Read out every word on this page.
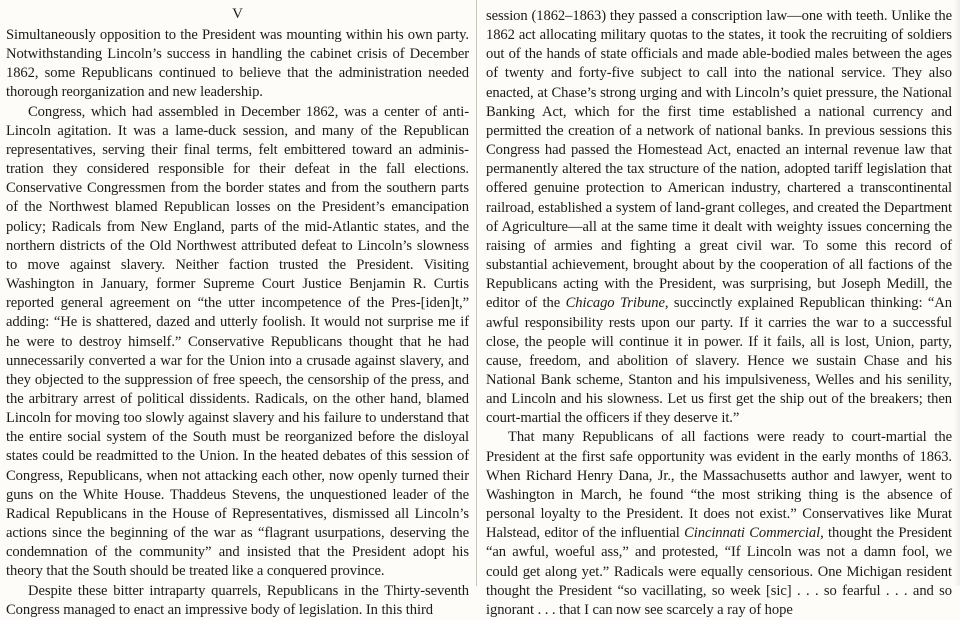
V

Simultaneously opposition to the President was mounting within his own party. Notwithstanding Lincoln’s success in handling the cabinet crisis of December 1862, some Republicans continued to believe that the administration needed thorough reorganization and new leadership.

Congress, which had assembled in December 1862, was a center of anti-Lincoln agitation. It was a lame-duck session, and many of the Republican representatives, serving their final terms, felt embittered toward an administration they considered responsible for their defeat in the fall elections. Conservative Congressmen from the border states and from the southern parts of the Northwest blamed Republican losses on the President’s emancipation policy; Radicals from New England, parts of the mid-Atlantic states, and the northern districts of the Old Northwest attributed defeat to Lincoln’s slowness to move against slavery. Neither faction trusted the President. Visiting Washington in January, former Supreme Court Justice Benjamin R. Curtis reported general agreement on “the utter incompetence of the Pres-[iden]t,” adding: “He is shattered, dazed and utterly foolish. It would not surprise me if he were to destroy himself.” Conservative Republicans thought that he had unnecessarily converted a war for the Union into a crusade against slavery, and they objected to the suppression of free speech, the censorship of the press, and the arbitrary arrest of political dissidents. Radicals, on the other hand, blamed Lincoln for moving too slowly against slavery and his failure to understand that the entire social system of the South must be reorganized before the disloyal states could be readmitted to the Union. In the heated debates of this session of Congress, Republicans, when not attacking each other, now openly turned their guns on the White House. Thaddeus Stevens, the unquestioned leader of the Radical Republicans in the House of Representatives, dismissed all Lincoln’s actions since the beginning of the war as “flagrant usurpations, deserving the condemnation of the community” and insisted that the President adopt his theory that the South should be treated like a conquered province.

Despite these bitter intraparty quarrels, Republicans in the Thirty-seventh Congress managed to enact an impressive body of legislation. In this third

session (1862–1863) they passed a conscription law—one with teeth. Unlike the 1862 act allocating military quotas to the states, it took the recruiting of soldiers out of the hands of state officials and made able-bodied males between the ages of twenty and forty-five subject to call into the national service. They also enacted, at Chase’s strong urging and with Lincoln’s quiet pressure, the National Banking Act, which for the first time established a national currency and permitted the creation of a network of national banks. In previous sessions this Congress had passed the Homestead Act, enacted an internal revenue law that permanently altered the tax structure of the nation, adopted tariff legislation that offered genuine protection to American industry, chartered a transcontinental railroad, established a system of land-grant colleges, and created the Department of Agriculture—all at the same time it dealt with weighty issues concerning the raising of armies and fighting a great civil war. To some this record of substantial achievement, brought about by the cooperation of all factions of the Republicans acting with the President, was surprising, but Joseph Medill, the editor of the Chicago Tribune, succinctly explained Republican thinking: “An awful responsibility rests upon our party. If it carries the war to a successful close, the people will continue it in power. If it fails, all is lost, Union, party, cause, freedom, and abolition of slavery. Hence we sustain Chase and his National Bank scheme, Stanton and his impulsiveness, Welles and his senility, and Lincoln and his slowness. Let us first get the ship out of the breakers; then court-martial the officers if they deserve it.”

That many Republicans of all factions were ready to court-martial the President at the first safe opportunity was evident in the early months of 1863. When Richard Henry Dana, Jr., the Massachusetts author and lawyer, went to Washington in March, he found “the most striking thing is the absence of personal loyalty to the President. It does not exist.” Conservatives like Murat Halstead, editor of the influential Cincinnati Commercial, thought the President “an awful, woeful ass,” and protested, “If Lincoln was not a damn fool, we could get along yet.” Radicals were equally censorious. One Michigan resident thought the President “so vacillating, so week [sic] . . . so fearful . . . and so ignorant . . . that I can now see scarcely a ray of hope
